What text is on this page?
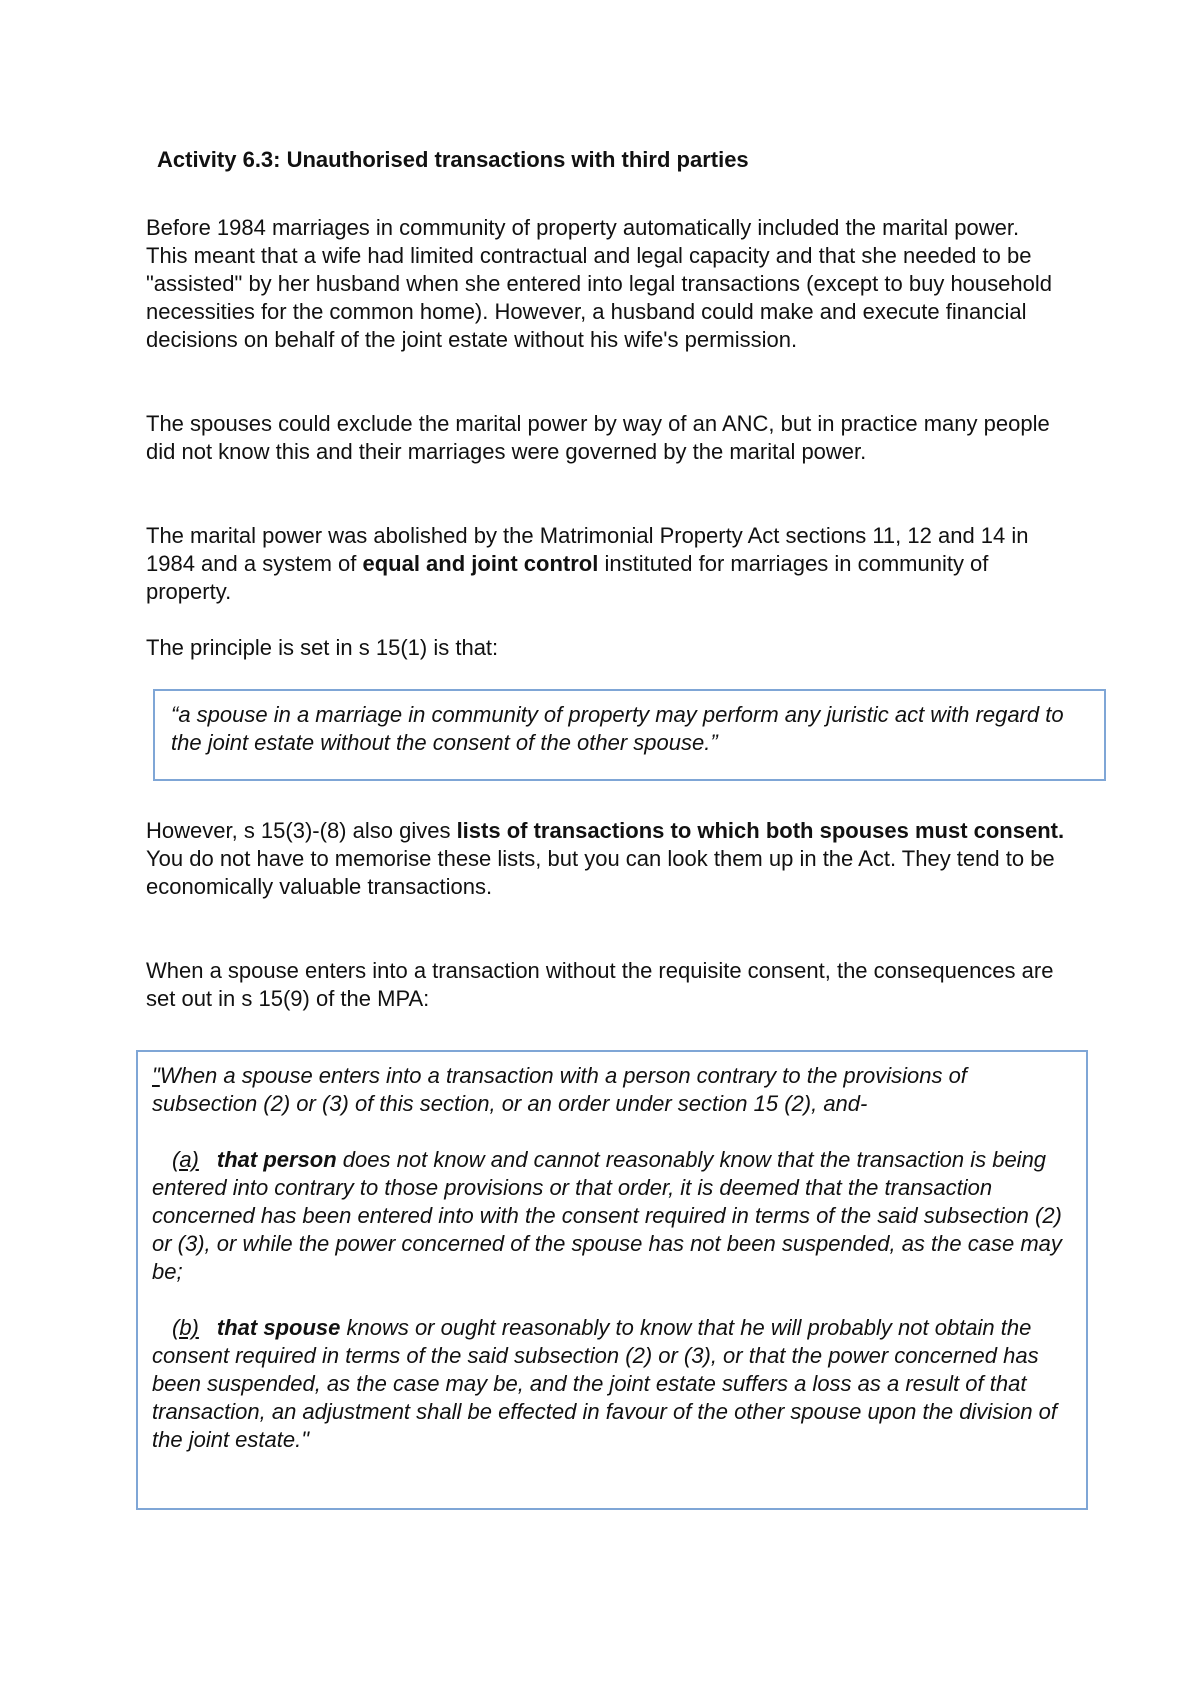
Activity 6.3: Unauthorised transactions with third parties

Before 1984 marriages in community of property automatically included the marital power. This meant that a wife had limited contractual and legal capacity and that she needed to be "assisted" by her husband when she entered into legal transactions (except to buy household necessities for the common home). However, a husband could make and execute financial decisions on behalf of the joint estate without his wife's permission.

The spouses could exclude the marital power by way of an ANC, but in practice many people did not know this and their marriages were governed by the marital power.

The marital power was abolished by the Matrimonial Property Act sections 11, 12 and 14 in 1984 and a system of equal and joint control instituted for marriages in community of property.

The principle is set in s 15(1) is that:

“a spouse in a marriage in community of property may perform any juristic act with regard to the joint estate without the consent of the other spouse.”

However, s 15(3)-(8) also gives lists of transactions to which both spouses must consent. You do not have to memorise these lists, but you can look them up in the Act. They tend to be economically valuable transactions.

When a spouse enters into a transaction without the requisite consent, the consequences are set out in s 15(9) of the MPA:

"When a spouse enters into a transaction with a person contrary to the provisions of subsection (2) or (3) of this section, or an order under section 15 (2), and-

(a) that person does not know and cannot reasonably know that the transaction is being entered into contrary to those provisions or that order, it is deemed that the transaction concerned has been entered into with the consent required in terms of the said subsection (2) or (3), or while the power concerned of the spouse has not been suspended, as the case may be;

(b) that spouse knows or ought reasonably to know that he will probably not obtain the consent required in terms of the said subsection (2) or (3), or that the power concerned has been suspended, as the case may be, and the joint estate suffers a loss as a result of that transaction, an adjustment shall be effected in favour of the other spouse upon the division of the joint estate."
